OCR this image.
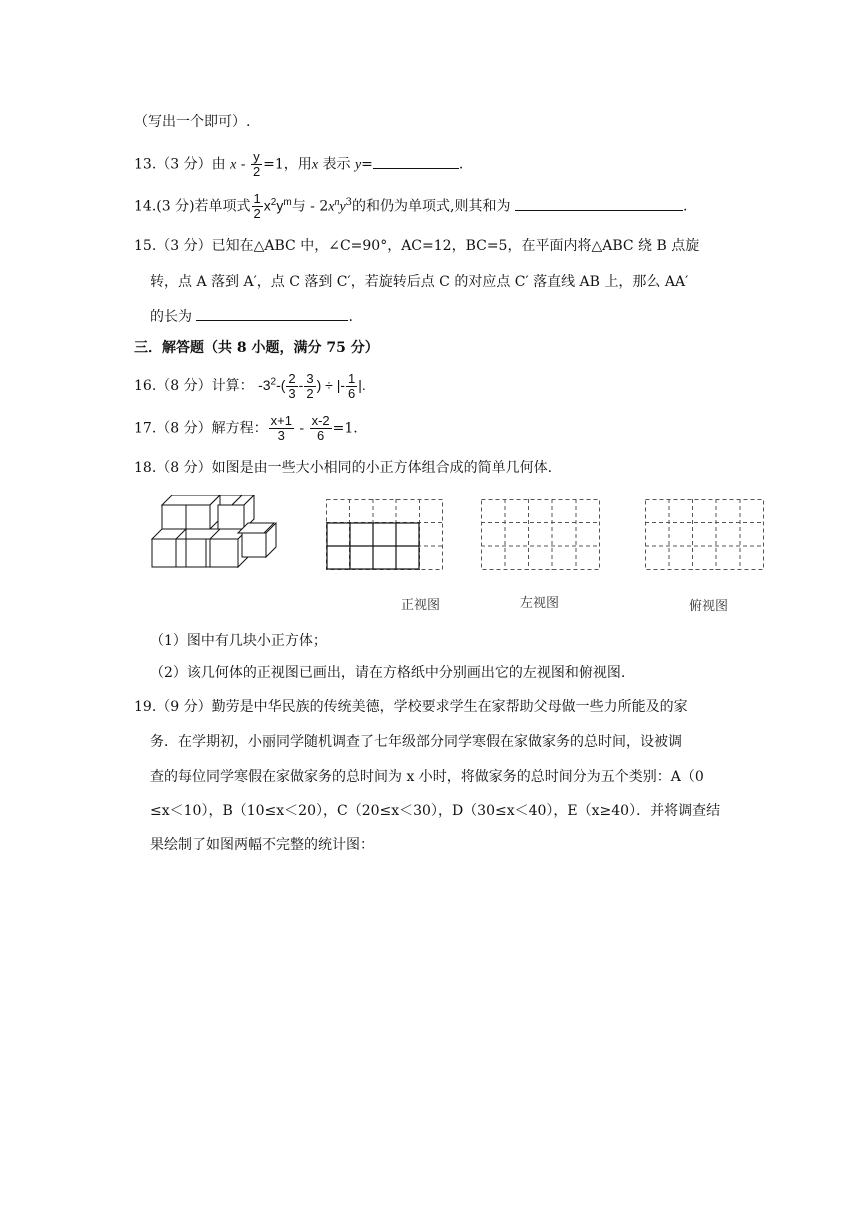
（写出一个即可）.
13.（3 分）由 $x - \frac{y}{2} =1$，用x 表示 y=	.
14.(3 分)若单项式 $\frac{1}{2} x^2y^m$与 - $2x^ny^3$的和仍为单项式,则其和为	.
15.（3 分）已知在△ABC 中，∠C=90°，AC=12，BC=5，在平面内将△ABC 绕 B 点旋
转，点 A 落到 A′，点 C 落到 C′，若旋转后点 C 的对应点 C′ 落直线 AB 上，那么 AA′
的长为	.
三．解答题（共 8 小题，满分 75 分）
16.（8 分）计算： $-3^2-( \frac{2}{3} - \frac{3}{2}$ ) ÷ |- $\frac{1}{6}$ |.
17.（8 分）解方程： $\frac{x+1}{3} - \frac{x-2}{6} =1$.
18.（8 分）如图是由一些大小相同的小正方体组合成的简单几何体.
正视图	左视图	俯视图
（1）图中有几块小正方体；
（2）该几何体的正视图已画出，请在方格纸中分别画出它的左视图和俯视图.
19.（9 分）勤劳是中华民族的传统美德，学校要求学生在家帮助父母做一些力所能及的家
务．在学期初，小丽同学随机调查了七年级部分同学寒假在家做家务的总时间，设被调
查的每位同学寒假在家做家务的总时间为 x 小时，将做家务的总时间分为五个类别：A（0
≤x＜10），B（10≤x＜20），C（20≤x＜30），D（30≤x＜40），E（x≥40）．并将调查结
果绘制了如图两幅不完整的统计图：
